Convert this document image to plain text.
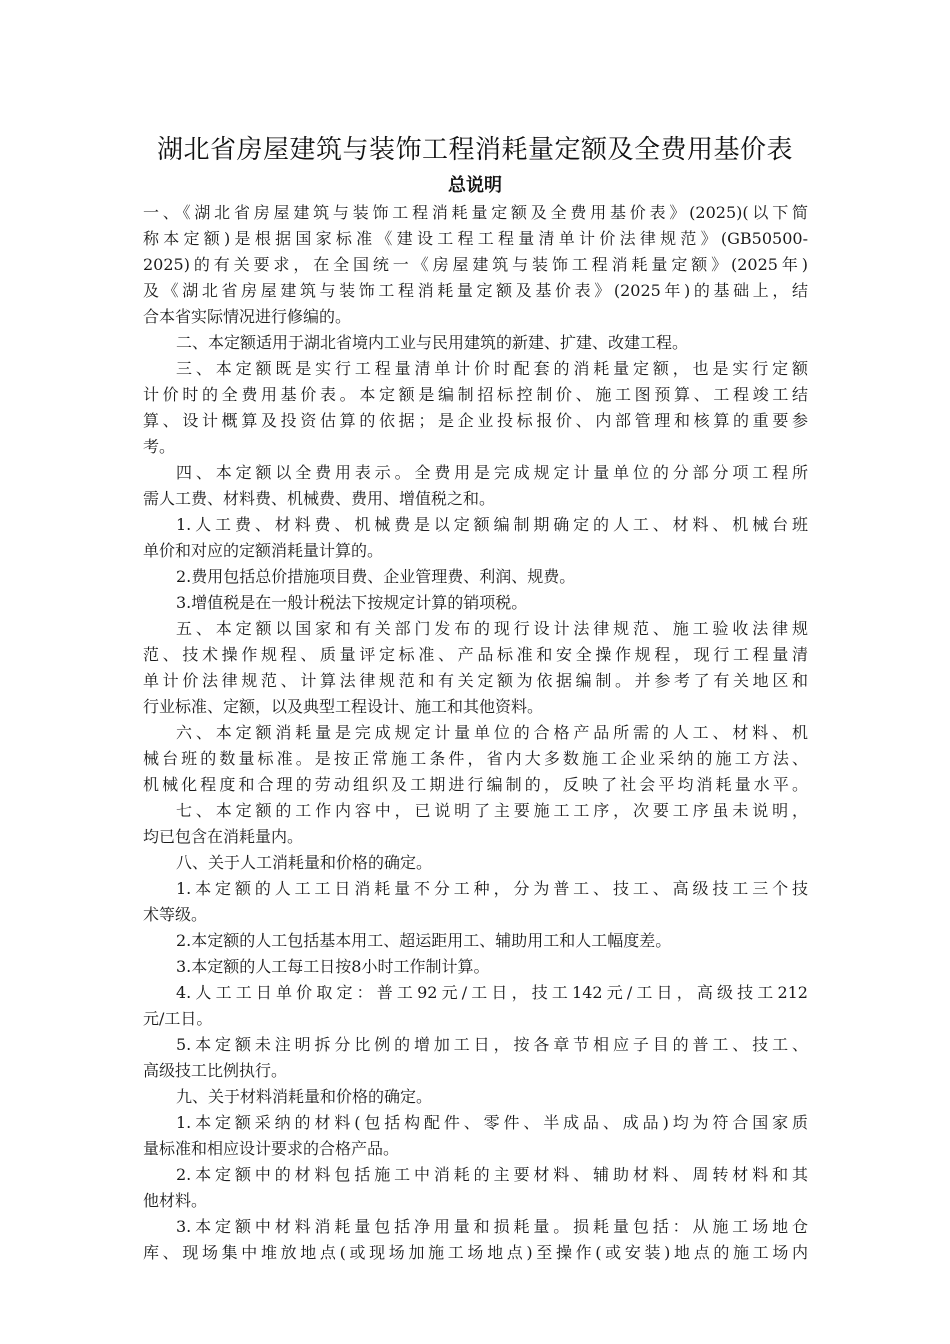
湖北省房屋建筑与装饰工程消耗量定额及全费用基价表
总说明
一、《湖北省房屋建筑与装饰工程消耗量定额及全费用基价表》(2025)(以下简
称本定额)是根据国家标准《建设工程工程量清单计价法律规范》(GB50500-
2025)的有关要求，在全国统一《房屋建筑与装饰工程消耗量定额》(2025年)
及《湖北省房屋建筑与装饰工程消耗量定额及基价表》(2025年)的基础上，结
合本省实际情况进行修编的。
二、本定额适用于湖北省境内工业与民用建筑的新建、扩建、改建工程。
三、本定额既是实行工程量清单计价时配套的消耗量定额，也是实行定额
计价时的全费用基价表。本定额是编制招标控制价、施工图预算、工程竣工结
算、设计概算及投资估算的依据；是企业投标报价、内部管理和核算的重要参
考。
四、本定额以全费用表示。全费用是完成规定计量单位的分部分项工程所
需人工费、材料费、机械费、费用、增值税之和。
1.人工费、材料费、机械费是以定额编制期确定的人工、材料、机械台班
单价和对应的定额消耗量计算的。
2.费用包括总价措施项目费、企业管理费、利润、规费。
3.增值税是在一般计税法下按规定计算的销项税。
五、本定额以国家和有关部门发布的现行设计法律规范、施工验收法律规
范、技术操作规程、质量评定标准、产品标准和安全操作规程，现行工程量清
单计价法律规范、计算法律规范和有关定额为依据编制。并参考了有关地区和
行业标准、定额，以及典型工程设计、施工和其他资料。
六、本定额消耗量是完成规定计量单位的合格产品所需的人工、材料、机
械台班的数量标准。是按正常施工条件，省内大多数施工企业采纳的施工方法、
机械化程度和合理的劳动组织及工期进行编制的，反映了社会平均消耗量水平。
七、本定额的工作内容中，已说明了主要施工工序，次要工序虽未说明，
均已包含在消耗量内。
八、关于人工消耗量和价格的确定。
1.本定额的人工工日消耗量不分工种，分为普工、技工、高级技工三个技
术等级。
2.本定额的人工包括基本用工、超运距用工、辅助用工和人工幅度差。
3.本定额的人工每工日按8小时工作制计算。
4.人工工日单价取定：普工92元/工日，技工142元/工日，高级技工212
元/工日。
5.本定额未注明拆分比例的增加工日，按各章节相应子目的普工、技工、
高级技工比例执行。
九、关于材料消耗量和价格的确定。
1.本定额采纳的材料(包括构配件、零件、半成品、成品)均为符合国家质
量标准和相应设计要求的合格产品。
2.本定额中的材料包括施工中消耗的主要材料、辅助材料、周转材料和其
他材料。
3.本定额中材料消耗量包括净用量和损耗量。损耗量包括：从施工场地仓
库、现场集中堆放地点(或现场加施工场地点)至操作(或安装)地点的施工场内
